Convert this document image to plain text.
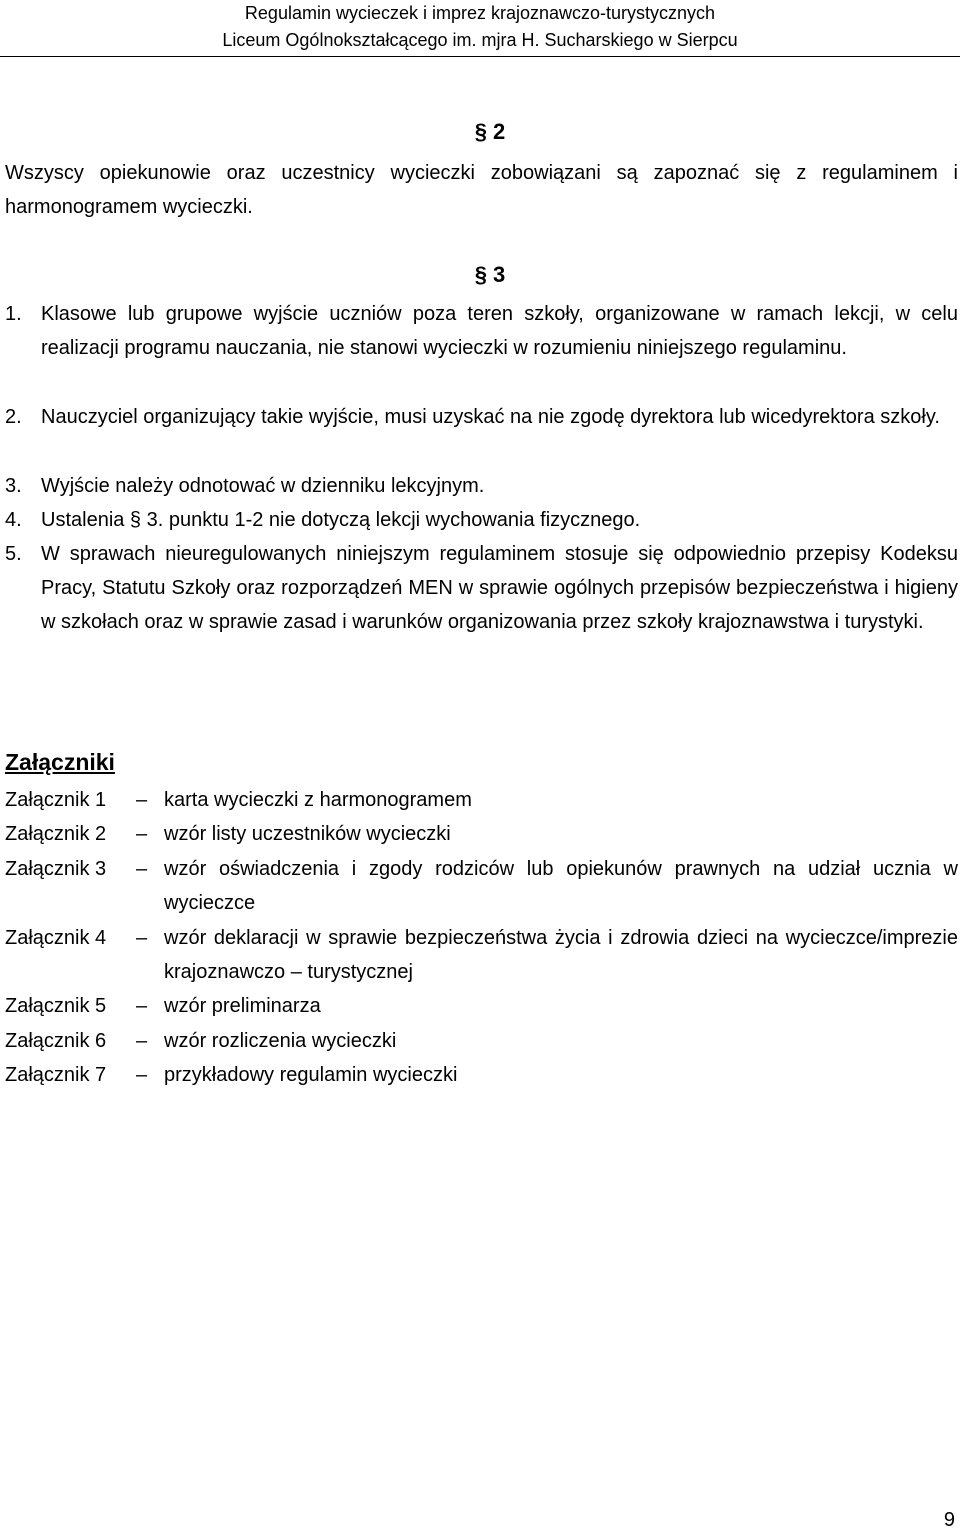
Regulamin wycieczek i imprez krajoznawczo-turystycznych
Liceum Ogólnokształcącego im. mjra H. Sucharskiego w Sierpcu
§ 2
Wszyscy opiekunowie oraz uczestnicy wycieczki zobowiązani są zapoznać się z regulaminem i harmonogramem wycieczki.
§ 3
1. Klasowe lub grupowe wyjście uczniów poza teren szkoły, organizowane w ramach lekcji, w celu realizacji programu nauczania, nie stanowi wycieczki w rozumieniu niniejszego regulaminu.
2. Nauczyciel organizujący takie wyjście, musi uzyskać na nie zgodę dyrektora lub wicedyrektora szkoły.
3. Wyjście należy odnotować w dzienniku lekcyjnym.
4. Ustalenia § 3. punktu 1-2 nie dotyczą lekcji wychowania fizycznego.
5. W sprawach nieuregulowanych niniejszym regulaminem stosuje się odpowiednio przepisy Kodeksu Pracy, Statutu Szkoły oraz rozporządzeń MEN w sprawie ogólnych przepisów bezpieczeństwa i higieny w szkołach oraz w sprawie zasad i warunków organizowania przez szkoły krajoznawstwa i turystyki.
Załączniki
Załącznik 1	– karta wycieczki z harmonogramem
Załącznik 2	– wzór listy uczestników wycieczki
Załącznik 3	– wzór oświadczenia i zgody rodziców lub opiekunów prawnych na udział ucznia w wycieczce
Załącznik 4	– wzór deklaracji w sprawie bezpieczeństwa życia i zdrowia dzieci na wycieczce/imprezie krajoznawczo – turystycznej
Załącznik 5	– wzór preliminarza
Załącznik 6	– wzór rozliczenia wycieczki
Załącznik 7	– przykładowy regulamin wycieczki
9
